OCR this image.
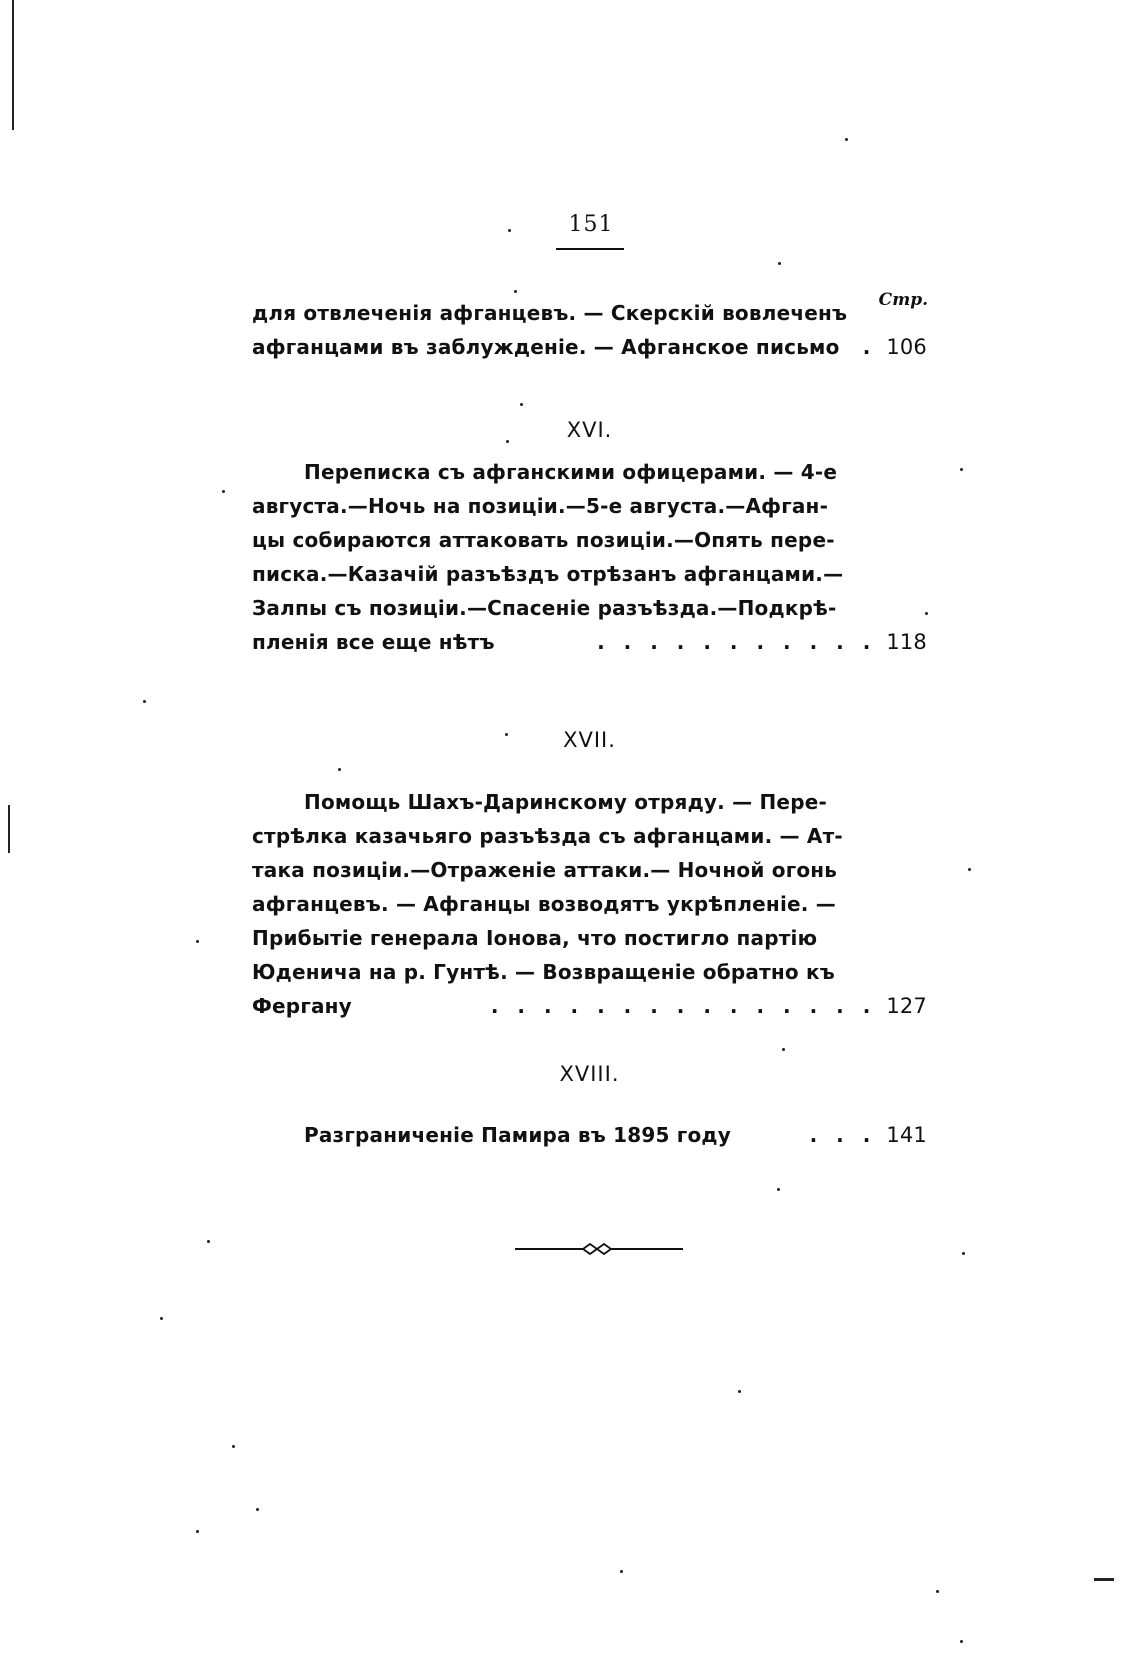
151
Стр.
для отвлеченія афганцевъ. — Скерскій вовлеченъ
афганцами въ заблужденіе. — Афганское письмо	. 106
XVI.
Переписка съ афганскими офицерами. — 4-е
августа.—Ночь на позиціи.—5-е августа.—Афган-
цы собираются аттаковать позиціи.—Опять пере-
писка.—Казачій разъѣздъ отрѣзанъ афганцами.—
Залпы съ позиціи.—Спасеніе разъѣзда.—Подкрѣ-
пленія все еще нѣтъ	. . . . . . . . . . . 118
XVII.
Помощь Шахъ-Даринскому отряду. — Пере-
стрѣлка казачьяго разъѣзда съ афганцами. — Ат-
така позиціи.—Отраженіе аттаки.— Ночной огонь
афганцевъ. — Афганцы возводятъ укрѣпленіе. —
Прибытіе генерала Іонова, что постигло партію
Юденича на р. Гунтѣ. — Возвращеніе обратно къ
Фергану	. . . . . . . . . . . . . . . 127
XVIII.
Разграниченіе Памира въ 1895 году	. . . 141
